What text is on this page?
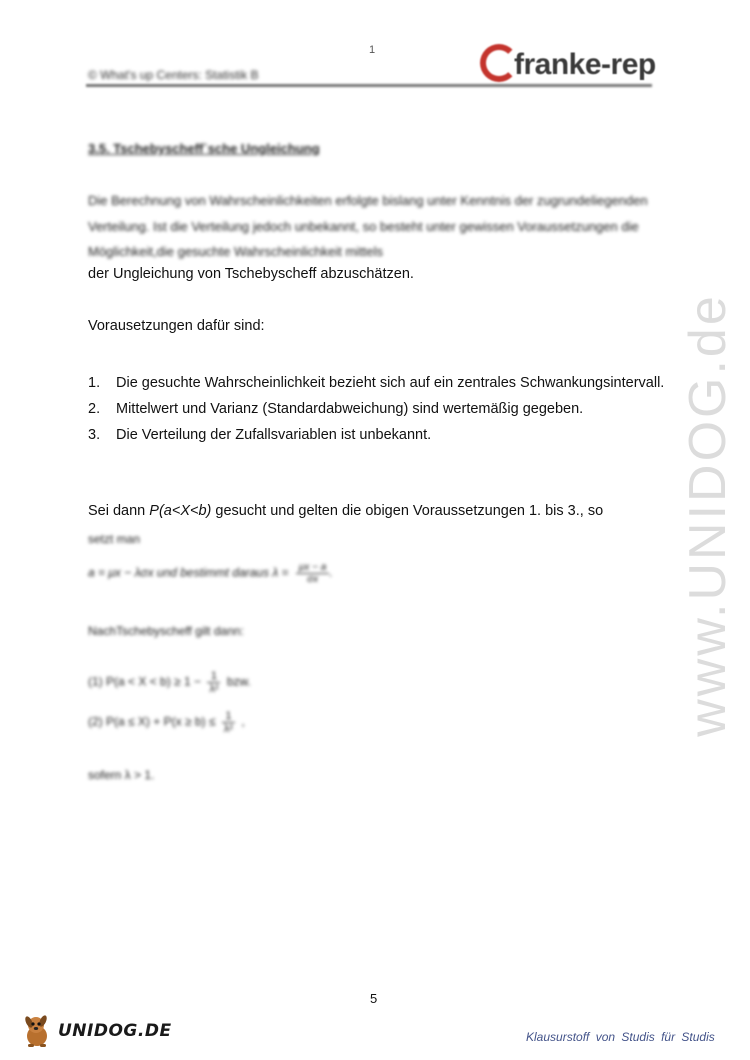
1
© What's up Centers: Statistik B	franke-rep
3.5. Tschebyscheff`sche Ungleichung
Die Berechnung von Wahrscheinlichkeiten erfolgte bislang unter Kenntnis der zugrundeliegenden Verteilung. Ist die Verteilung jedoch unbekannt, so besteht unter gewissen Voraussetzungen die Möglichkeit,die gesuchte Wahrscheinlichkeit mittels
der Ungleichung von Tschebyscheff abzuschätzen.
Vorausetzungen dafür sind:
1. Die gesuchte Wahrscheinlichkeit bezieht sich auf ein zentrales Schwankungsintervall.
2. Mittelwert und Varianz (Standardabweichung) sind wertemäßig gegeben.
3. Die Verteilung der Zufallsvariablen ist unbekannt.
Sei dann P(a<X<b) gesucht und gelten die obigen Voraussetzungen 1. bis 3., so
setzt man
a = μx − λσx und bestimmt daraus $\lambda = \frac{\mu x - a}{\sigma x}$ .
NachTschebyscheff gilt dann:
(1) $P(a < X < b) \ge 1 - \frac{1}{\text{λ²}}$ bzw.
(2) $P(a \le X) + P(x \ge b) \le \frac{1}{\text{λ²}}$ ,
sofern λ > 1.
www.UNIDOG.de
5
UNIDOG.DE	Klausurstoff von Studis für Studis
